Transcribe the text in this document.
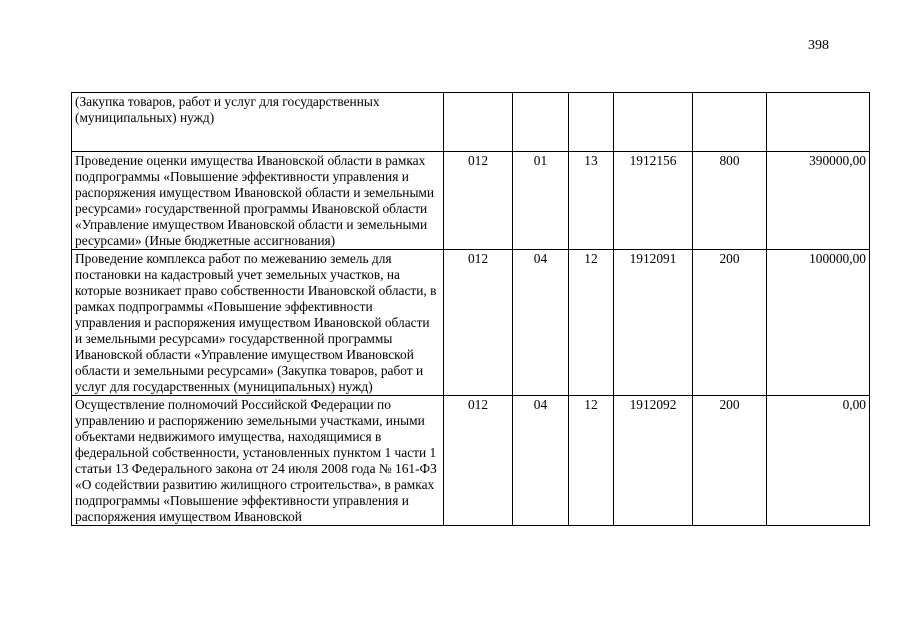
398
(Закупка товаров, работ и услуг для государственных (муниципальных) нужд)						
Проведение оценки имущества Ивановской области в рамках подпрограммы «Повышение эффективности управления и распоряжения имуществом Ивановской области и земельными ресурсами» государственной программы Ивановской области «Управление имуществом Ивановской области и земельными ресурсами» (Иные бюджетные ассигнования)	012	01	13	1912156	800	390000,00
Проведение комплекса работ по межеванию земель для постановки на кадастровый учет земельных участков, на которые возникает право собственности Ивановской области, в рамках подпрограммы «Повышение эффективности управления и распоряжения имуществом Ивановской области и земельными ресурсами» государственной программы Ивановской области «Управление имуществом Ивановской области и земельными ресурсами» (Закупка товаров, работ и услуг для государственных (муниципальных) нужд)	012	04	12	1912091	200	100000,00
Осуществление полномочий Российской Федерации по управлению и распоряжению земельными участками, иными объектами недвижимого имущества, находящимися в федеральной собственности, установленных пунктом 1 части 1 статьи 13 Федерального закона от 24 июля 2008 года № 161-ФЗ «О содействии развитию жилищного строительства», в рамках подпрограммы «Повышение эффективности управления и распоряжения имуществом Ивановской	012	04	12	1912092	200	0,00
